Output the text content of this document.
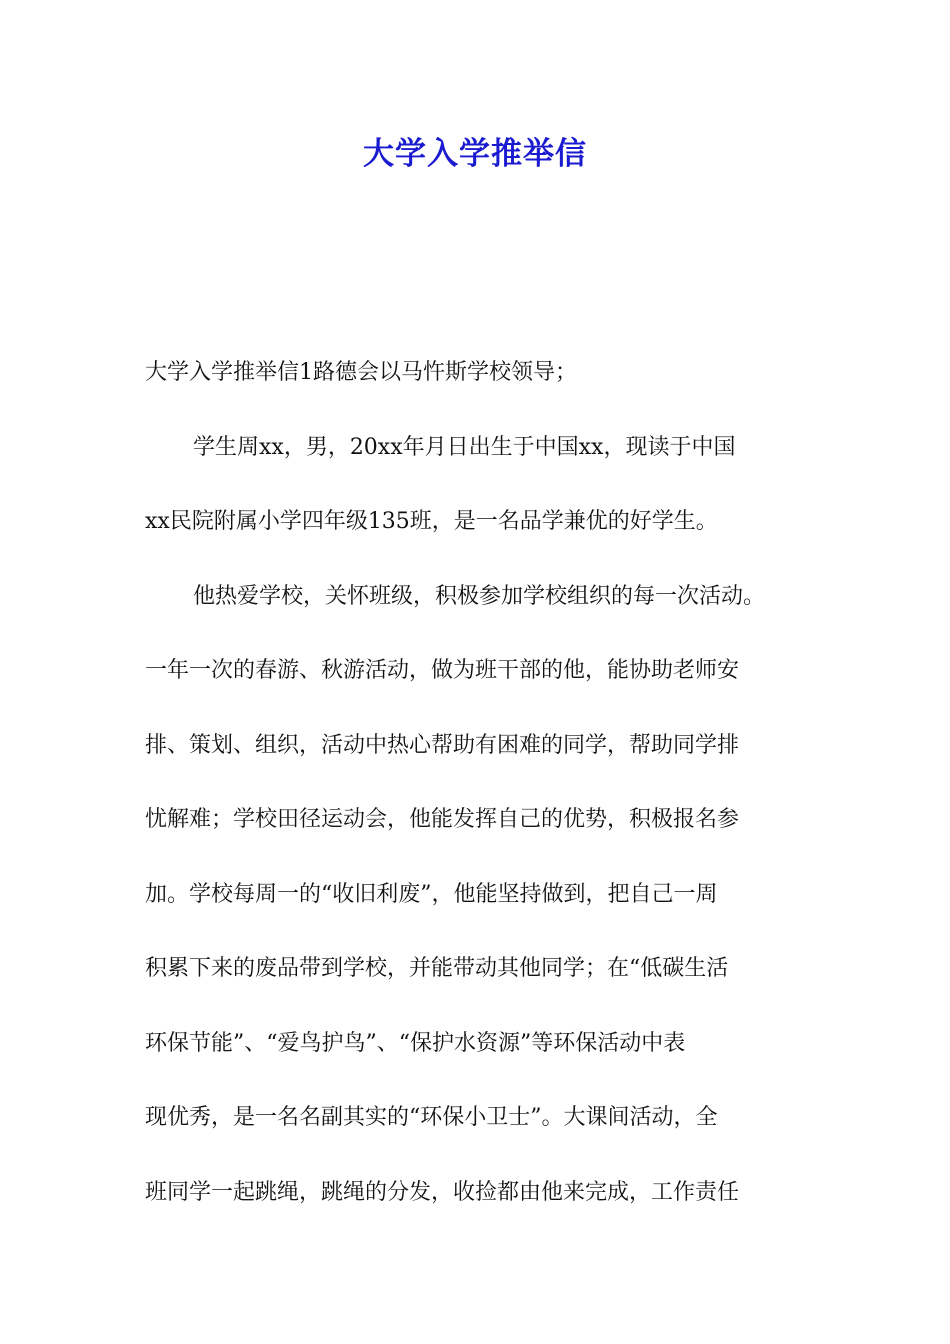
大学入学推举信

大学入学推举信1路德会以马忤斯学校领导；

学生周xx，男，20xx年月日出生于中国xx，现读于中国

xx民院附属小学四年级135班，是一名品学兼优的好学生。

他热爱学校，关怀班级，积极参加学校组织的每一次活动。

一年一次的春游、秋游活动，做为班干部的他，能协助老师安

排、策划、组织，活动中热心帮助有困难的同学，帮助同学排

忧解难；学校田径运动会，他能发挥自己的优势，积极报名参

加。学校每周一的“收旧利废”，他能坚持做到，把自己一周

积累下来的废品带到学校，并能带动其他同学；在“低碳生活

环保节能”、“爱鸟护鸟”、“保护水资源”等环保活动中表

现优秀，是一名名副其实的“环保小卫士”。大课间活动，全

班同学一起跳绳，跳绳的分发，收捡都由他来完成，工作责任
